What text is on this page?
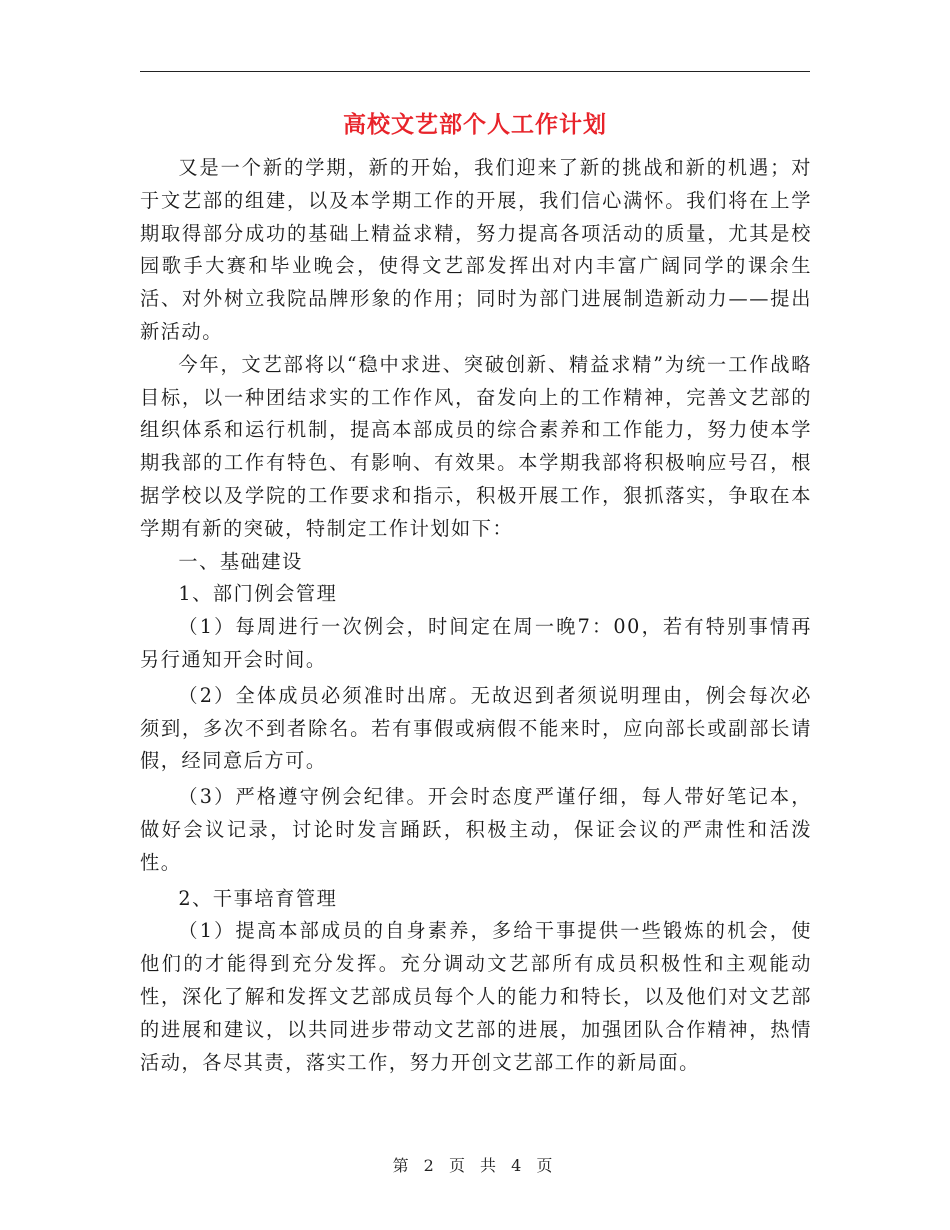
高校文艺部个人工作计划

又是一个新的学期，新的开始，我们迎来了新的挑战和新的机遇；对于文艺部的组建，以及本学期工作的开展，我们信心满怀。我们将在上学期取得部分成功的基础上精益求精，努力提高各项活动的质量，尤其是校园歌手大赛和毕业晚会，使得文艺部发挥出对内丰富广阔同学的课余生活、对外树立我院品牌形象的作用；同时为部门进展制造新动力——提出新活动。

今年，文艺部将以“稳中求进、突破创新、精益求精”为统一工作战略目标，以一种团结求实的工作作风，奋发向上的工作精神，完善文艺部的组织体系和运行机制，提高本部成员的综合素养和工作能力，努力使本学期我部的工作有特色、有影响、有效果。本学期我部将积极响应号召，根据学校以及学院的工作要求和指示，积极开展工作，狠抓落实，争取在本学期有新的突破，特制定工作计划如下：

一、基础建设

1、部门例会管理

（1）每周进行一次例会，时间定在周一晚7：00，若有特别事情再另行通知开会时间。

（2）全体成员必须准时出席。无故迟到者须说明理由，例会每次必须到，多次不到者除名。若有事假或病假不能来时，应向部长或副部长请假，经同意后方可。

（3）严格遵守例会纪律。开会时态度严谨仔细，每人带好笔记本，做好会议记录，讨论时发言踊跃，积极主动，保证会议的严肃性和活泼性。

2、干事培育管理

（1）提高本部成员的自身素养，多给干事提供一些锻炼的机会，使他们的才能得到充分发挥。充分调动文艺部所有成员积极性和主观能动性，深化了解和发挥文艺部成员每个人的能力和特长，以及他们对文艺部的进展和建议，以共同进步带动文艺部的进展，加强团队合作精神，热情活动，各尽其责，落实工作，努力开创文艺部工作的新局面。

第 2 页 共 4 页
